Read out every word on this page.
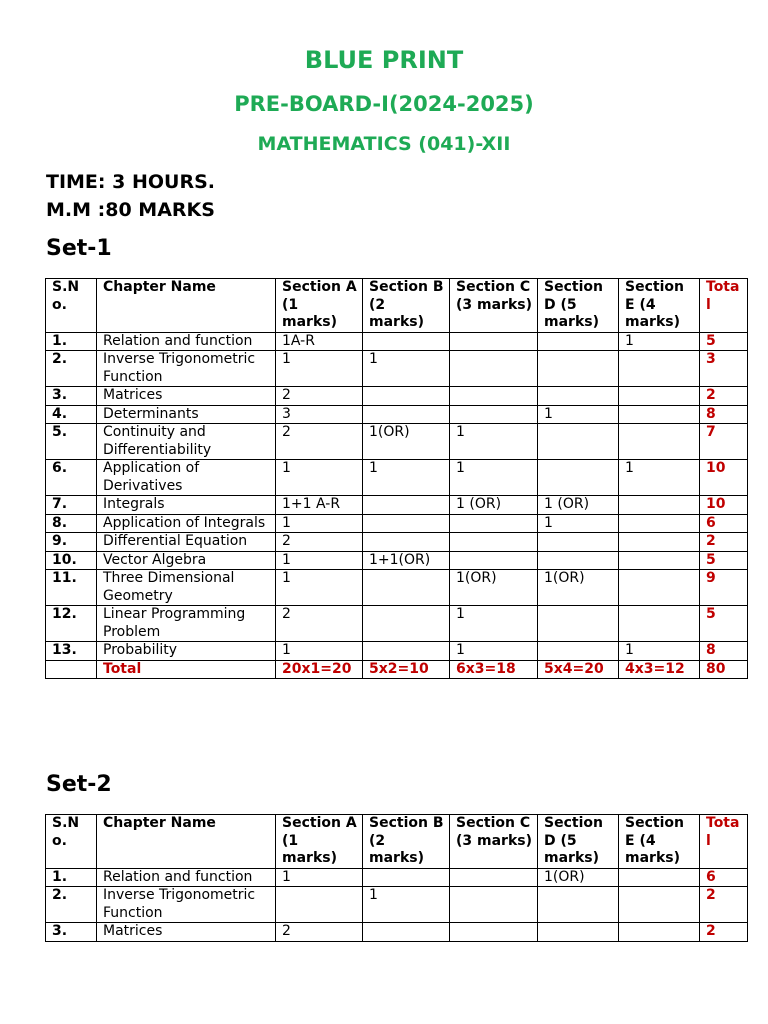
BLUE PRINT
PRE-BOARD-I(2024-2025)
MATHEMATICS (041)-XII

TIME: 3 HOURS.

M.M :80 MARKS

Set-1
S.No.	Chapter Name	Section A (1 marks)	Section B (2 marks)	Section C (3 marks)	Section D (5 marks)	Section E (4 marks)	Total
1.	Relation and function	1A-R				1	5
2.	Inverse Trigonometric Function	1	1				3
3.	Matrices	2					2
4.	Determinants	3			1		8
5.	Continuity and Differentiability	2	1(OR)	1			7
6.	Application of Derivatives	1	1	1		1	10
7.	Integrals	1+1 A-R		1 (OR)	1 (OR)		10
8.	Application of Integrals	1			1		6
9.	Differential Equation	2					2
10.	Vector Algebra	1	1+1(OR)				5
11.	Three Dimensional Geometry	1		1(OR)	1(OR)		9
12.	Linear Programming Problem	2		1			5
13.	Probability	1		1		1	8
	Total	20x1=20	5x2=10	6x3=18	5x4=20	4x3=12	80
Set-2
S.No.	Chapter Name	Section A (1 marks)	Section B (2 marks)	Section C (3 marks)	Section D (5 marks)	Section E (4 marks)	Total
1.	Relation and function	1			1(OR)		6
2.	Inverse Trigonometric Function		1				2
3.	Matrices	2					2
